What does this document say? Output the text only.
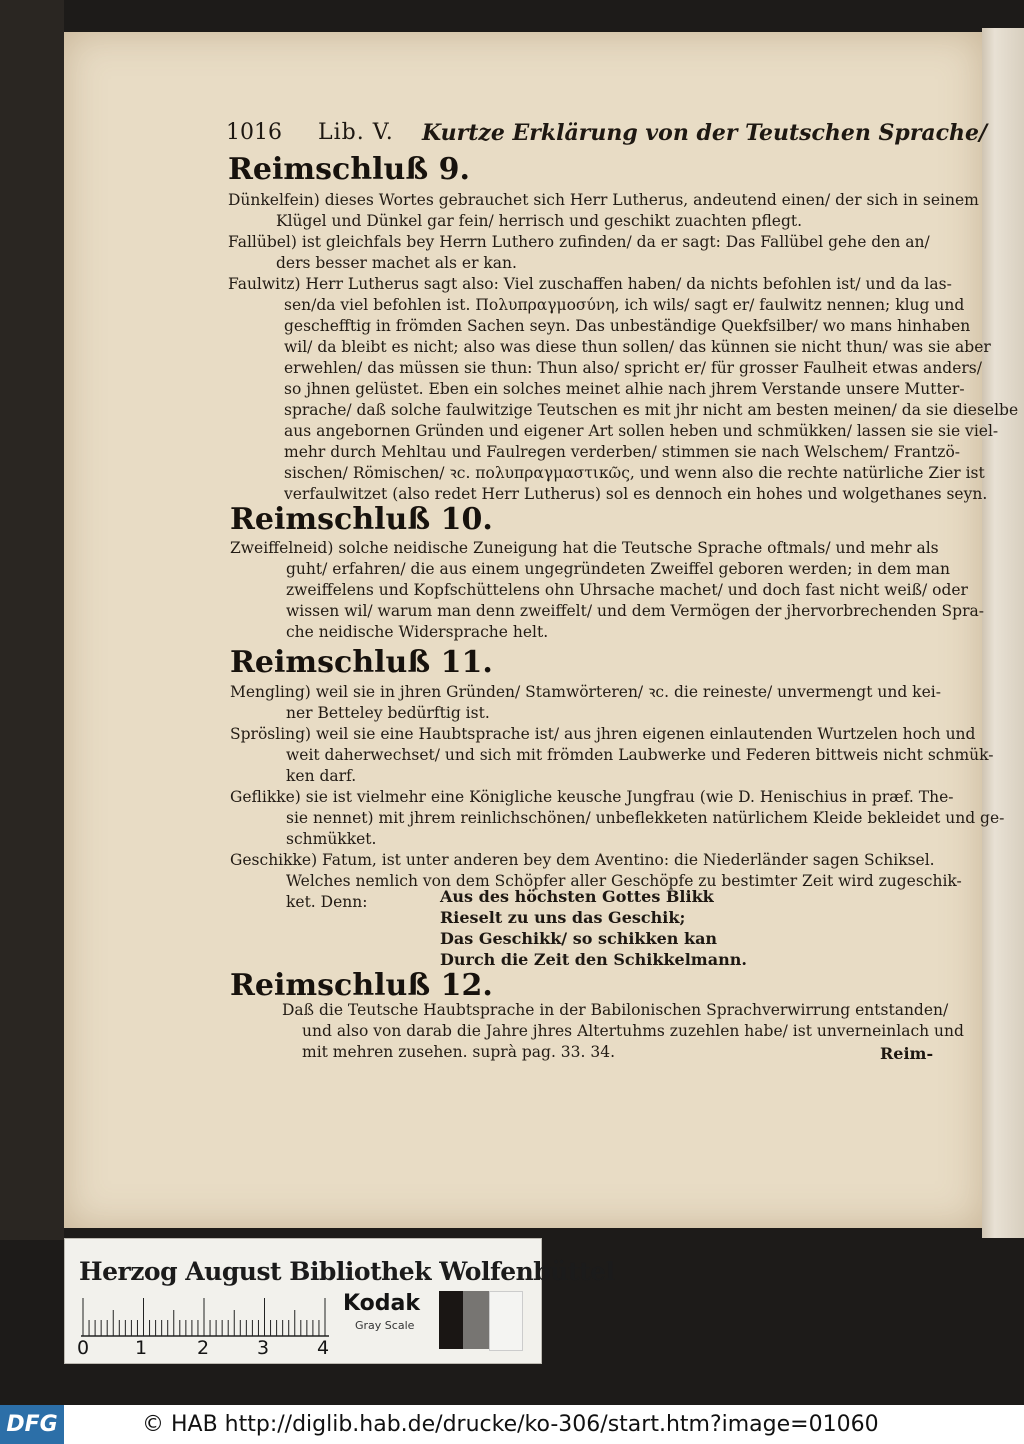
1016 Lib. V. Kurtze Erklärung von der Teutschen Sprache/
Reimschluß 9.
Dünkelfein) dieses Wortes gebrauchet sich Herr Lutherus, andeutend einen/ der sich in seinem
Klügel und Dünkel gar fein/ herrisch und geschikt zuachten pflegt.
Fallübel) ist gleichfals bey Herrn Luthero zufinden/ da er sagt: Das Fallübel gehe den an/
ders besser machet als er kan.
Faulwitz) Herr Lutherus sagt also: Viel zuschaffen haben/ da nichts befohlen ist/ und da las-
sen/da viel befohlen ist. Πολυπραγμοσύνη, ich wils/ sagt er/ faulwitz nennen; klug und
geschefftig in frömden Sachen seyn. Das unbeständige Quekfsilber/ wo mans hinhaben
wil/ da bleibt es nicht; also was diese thun sollen/ das künnen sie nicht thun/ was sie aber
erwehlen/ das müssen sie thun: Thun also/ spricht er/ für grosser Faulheit etwas anders/
so jhnen gelüstet. Eben ein solches meinet alhie nach jhrem Verstande unsere Mutter-
sprache/ daß solche faulwitzige Teutschen es mit jhr nicht am besten meinen/ da sie dieselbe
aus angebornen Gründen und eigener Art sollen heben und schmükken/ lassen sie sie viel-
mehr durch Mehltau und Faulregen verderben/ stimmen sie nach Welschem/ Frantzö-
sischen/ Römischen/ ꝛc. πολυπραγμαστικῶς, und wenn also die rechte natürliche Zier ist
verfaulwitzet (also redet Herr Lutherus) sol es dennoch ein hohes und wolgethanes seyn.
Reimschluß 10.
Zweiffelneid) solche neidische Zuneigung hat die Teutsche Sprache oftmals/ und mehr als
guht/ erfahren/ die aus einem ungegründeten Zweiffel geboren werden; in dem man
zweiffelens und Kopfschüttelens ohn Uhrsache machet/ und doch fast nicht weiß/ oder
wissen wil/ warum man denn zweiffelt/ und dem Vermögen der jhervorbrechenden Spra-
che neidische Widersprache helt.
Reimschluß 11.
Mengling) weil sie in jhren Gründen/ Stamwörteren/ ꝛc. die reineste/ unvermengt und kei-
ner Betteley bedürftig ist.
Sprösling) weil sie eine Haubtsprache ist/ aus jhren eigenen einlautenden Wurtzelen hoch und
weit daherwechset/ und sich mit frömden Laubwerke und Federen bittweis nicht schmük-
ken darf.
Geflikke) sie ist vielmehr eine Königliche keusche Jungfrau (wie D. Henischius in præf. The-
sie nennet) mit jhrem reinlichschönen/ unbeflekketen natürlichem Kleide bekleidet und ge-
schmükket.
Geschikke) Fatum, ist unter anderen bey dem Aventino: die Niederländer sagen Schiksel.
Welches nemlich von dem Schöpfer aller Geschöpfe zu bestimter Zeit wird zugeschik-
ket. Denn:	Aus des höchsten Gottes Blikk
Rieselt zu uns das Geschik;
Das Geschikk/ so schikken kan
Durch die Zeit den Schikkelmann.
Reimschluß 12.
Daß die Teutsche Haubtsprache in der Babilonischen Sprachverwirrung entstanden/
und also von darab die Jahre jhres Altertuhms zuzehlen habe/ ist unverneinlach und
mit mehren zusehen. suprà pag. 33. 34.	Reim-
Herzog August Bibliothek Wolfenbüttel
0 1	2	3	4
Kodak
Gray Scale
DFG	© HAB http://diglib.hab.de/drucke/ko-306/start.htm?image=01060
